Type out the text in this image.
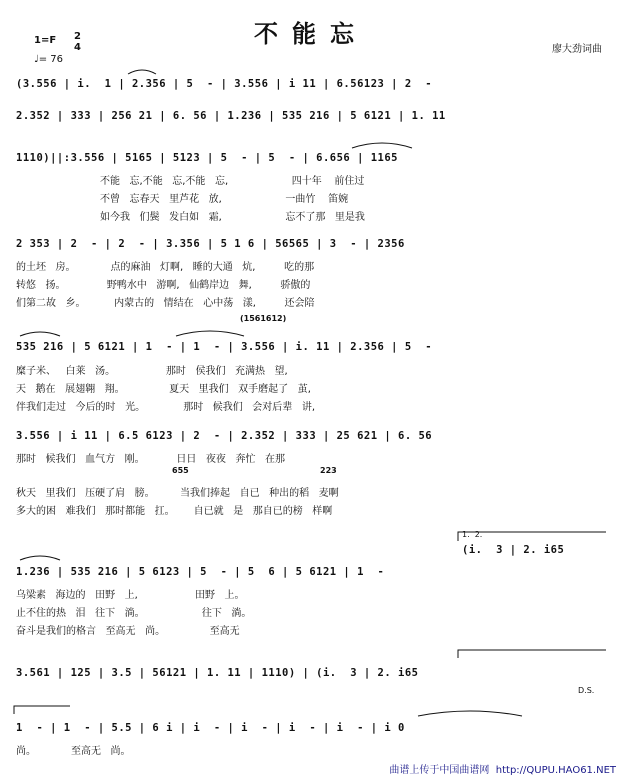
不能忘
1=F 2
4
♩= 76
廖大劲词曲
(3.556 | i.  1 | 2.356 | 5  - | 3.556 | i 11 | 6.56123 | 2  -
2.352 | 333 | 256 21 | 6. 56 | 1.236 | 535 216 | 5 6121 | 1. 11
1110)||:3.556 | 5165 | 5123 | 5  - | 5  - | 6.656 | 1165
不能   忘,不能   忘,不能   忘,                    四十年    前住过
不曾   忘春天   里芦花   放,                    一曲竹    笛婉
如今我   们鬓   发白如   霜,                    忘不了那   里是我
2 353 | 2  - | 2  - | 3.356 | 5 1 6 | 56565 | 3  - | 2356
的土坯   房。           点的麻油   灯啊,   睡的大通   炕,         吃的那
转悠   扬。             野鸭水中   游啊,   仙鹤岸边   舞,         骄傲的
们第二故   乡。         内蒙古的   情结在   心中荡   漾,         还会陪
(1561612)
535 216 | 5 6121 | 1  - | 1  - | 3.556 | i. 11 | 2.356 | 5  -
糜子米、   白莱   汤。                那时   侯我们   充满热   望,
天   鹅在   展翅翱   翔。              夏天   里我们   双手磨起了   茧,
伴我们走过   今后的时   光。            那时   候我们   会对后辈   讲,
3.556 | i 11 | 6.5 6123 | 2  - | 2.352 | 333 | 25 621 | 6. 56
那时   候我们   血气方   刚。          日日   夜夜   奔忙   在那
655	223
秋天   里我们   压硬了肩   膀。        当我们捧起   自已   种出的稻   麦啊
多大的困   难我们   那时都能   扛。      自已就   是   那自已的榜   样啊
1.  2.
(i.  3 | 2. i65
1.236 | 535 216 | 5 6123 | 5  - | 5  6 | 5 6121 | 1  -
乌梁素   海边的   田野   上,                  田野   上。
止不住的热   泪   往下   淌。                  往下   淌。
奋斗是我们的格言   至高无   尚。              至高无
3.561 | 125 | 3.5 | 56121 | 1. 11 | 1110) | (i.  3 | 2. i65
D.S.
1  - | 1  - | 5.5 | 6 i | i  - | i  - | i  - | i  - | i 0
尚。           至高无   尚。
曲谱上传于中国曲谱网  http://QUPU.HAO61.NET
